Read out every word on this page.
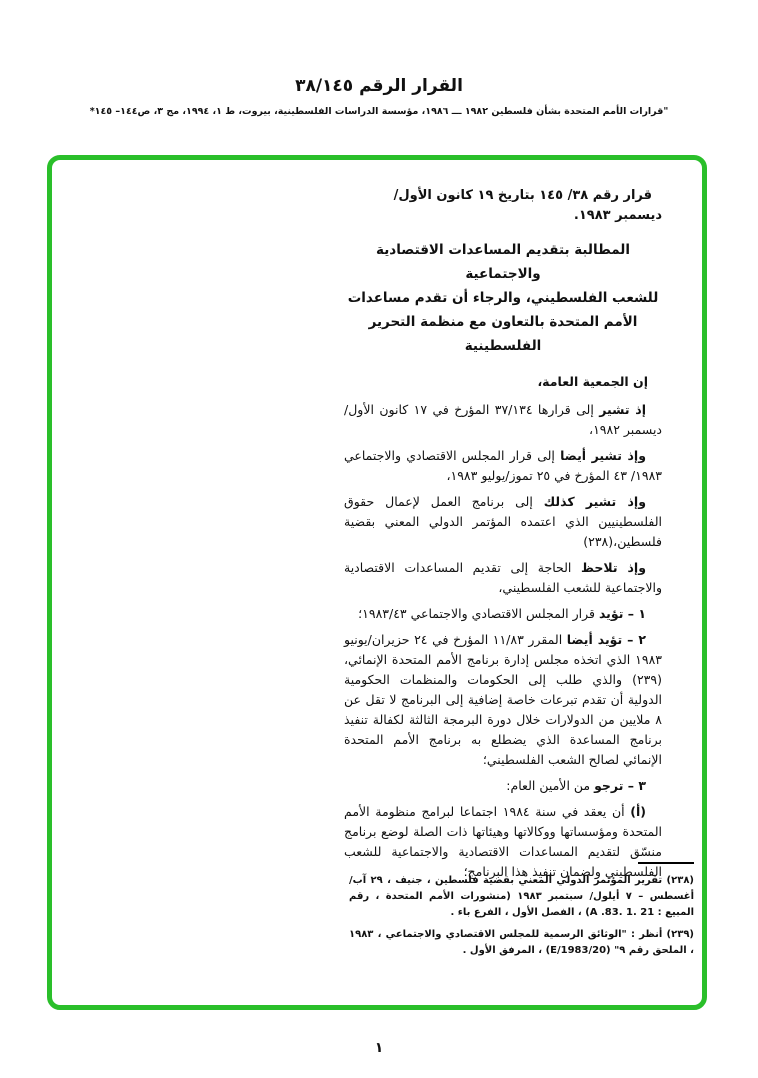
القرار الرقم ٣٨/١٤٥
"قرارات الأمم المتحدة بشأن فلسطين ١٩٨٢ ـــ ١٩٨٦، مؤسسة الدراسات الفلسطينية، بيروت، ط ١، ١٩٩٤، مج ٣، ص١٤٤– ١٤٥*

قرار رقم ٣٨/ ١٤٥ بتاريخ ١٩ كانون الأول/ ديسمبر ١٩٨٣.

المطالبة بتقديم المساعدات الاقتصادية والاجتماعية
للشعب الفلسطيني، والرجاء أن تقدم مساعدات
الأمم المتحدة بالتعاون مع منظمة التحرير الفلسطينية

إن الجمعية العامة،

إذ تشير إلى قرارها ٣٧/١٣٤ المؤرخ في ١٧ كانون الأول/ ديسمبر ١٩٨٢،

وإذ تشير أيضا إلى قرار المجلس الاقتصادي والاجتماعي ١٩٨٣/ ٤٣ المؤرخ في ٢٥ تموز/يوليو ١٩٨٣،

وإذ تشير كذلك إلى برنامج العمل لإعمال حقوق الفلسطينيين الذي اعتمده المؤتمر الدولي المعني بقضية فلسطين،(٢٣٨)

وإذ تلاحظ الحاجة إلى تقديم المساعدات الاقتصادية والاجتماعية للشعب الفلسطيني،

١ – تؤيد قرار المجلس الاقتصادي والاجتماعي ١٩٨٣/٤٣؛

٢ – تؤيد أيضا المقرر ١١/٨٣ المؤرخ في ٢٤ حزيران/يونيو ١٩٨٣ الذي اتخذه مجلس إدارة برنامج الأمم المتحدة الإنمائي،(٢٣٩) والذي طلب إلى الحكومات والمنظمات الحكومية الدولية أن تقدم تبرعات خاصة إضافية إلى البرنامج لا تقل عن ٨ ملايين من الدولارات خلال دورة البرمجة الثالثة لكفالة تنفيذ برنامج المساعدة الذي يضطلع به برنامج الأمم المتحدة الإنمائي لصالح الشعب الفلسطيني؛

٣ – ترجو من الأمين العام:

(أ) أن يعقد في سنة ١٩٨٤ اجتماعا لبرامج منظومة الأمم المتحدة ومؤسساتها ووكالاتها وهيئاتها ذات الصلة لوضع برنامج منسّق لتقديم المساعدات الاقتصادية والاجتماعية للشعب الفلسطيني ولضمان تنفيذ هذا البرنامج؛

(٢٣٨) تقرير المؤتمر الدولي المعني بقضية فلسطين ، جنيف ، ٢٩ آب/ أغسطس – ٧ أيلول/ سبتمبر ١٩٨٣ (منشورات الأمم المتحدة ، رقم المبيع : A .83. 1. 21) ، الفصل الأول ، الفرع باء .

(٢٣٩) أنظر : "الوثائق الرسمية للمجلس الاقتصادي والاجتماعي ، ١٩٨٣ ، الملحق رقم ٩" (E/1983/20) ، المرفق الأول .

١
